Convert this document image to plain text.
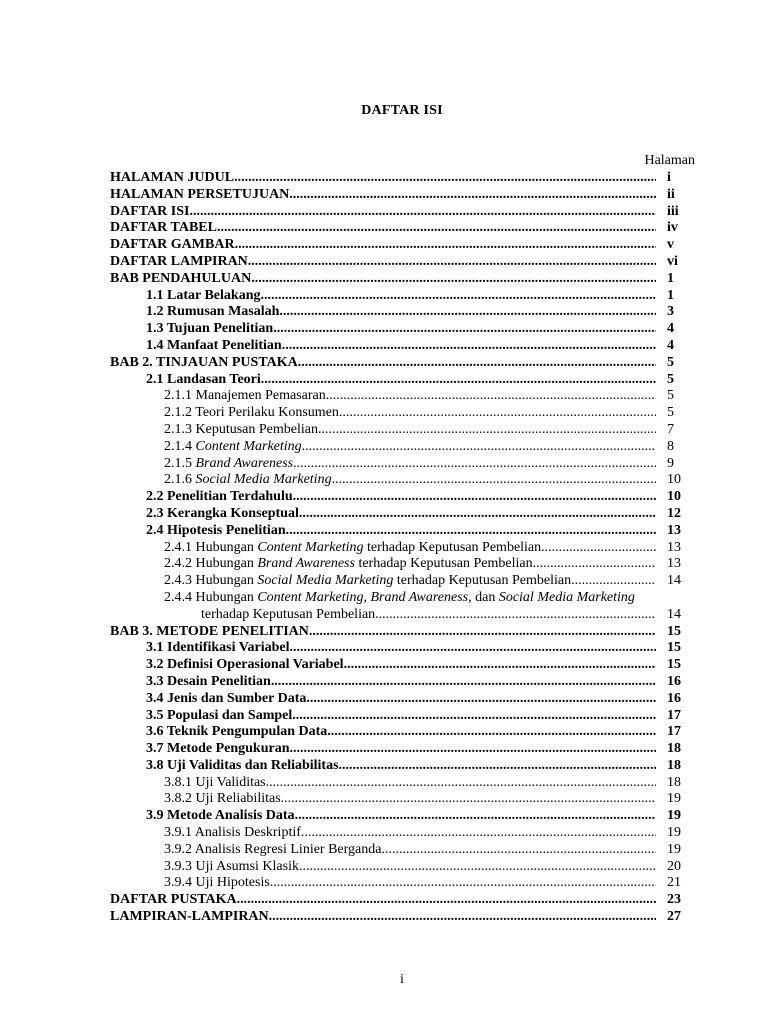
DAFTAR ISI
Halaman
HALAMAN JUDUL .....	i
HALAMAN PERSETUJUAN .....	ii
DAFTAR ISI .....	iii
DAFTAR TABEL .....	iv
DAFTAR GAMBAR .....	v
DAFTAR LAMPIRAN .....	vi
BAB PENDAHULUAN .....	1
1.1 Latar Belakang .....	1
1.2 Rumusan Masalah .....	3
1.3 Tujuan Penelitian .....	4
1.4 Manfaat Penelitian .....	4
BAB 2. TINJAUAN PUSTAKA .....	5
2.1 Landasan Teori .....	5
2.1.1 Manajemen Pemasaran .....	5
2.1.2 Teori Perilaku Konsumen .....	5
2.1.3 Keputusan Pembelian .....	7
2.1.4 Content Marketing .....	8
2.1.5 Brand Awareness .....	9
2.1.6 Social Media Marketing .....	10
2.2 Penelitian Terdahulu .....	10
2.3 Kerangka Konseptual .....	12
2.4 Hipotesis Penelitian .....	13
2.4.1 Hubungan Content Marketing terhadap Keputusan Pembelian .....	13
2.4.2 Hubungan Brand Awareness terhadap Keputusan Pembelian .....	13
2.4.3 Hubungan Social Media Marketing terhadap Keputusan Pembelian .....	14
2.4.4 Hubungan Content Marketing, Brand Awareness, dan Social Media Marketing
terhadap Keputusan Pembelian .....	14
BAB 3. METODE PENELITIAN .....	15
3.1 Identifikasi Variabel .....	15
3.2 Definisi Operasional Variabel .....	15
3.3 Desain Penelitian .....	16
3.4 Jenis dan Sumber Data .....	16
3.5 Populasi dan Sampel .....	17
3.6 Teknik Pengumpulan Data .....	17
3.7 Metode Pengukuran .....	18
3.8 Uji Validitas dan Reliabilitas .....	18
3.8.1 Uji Validitas .....	18
3.8.2 Uji Reliabilitas .....	19
3.9 Metode Analisis Data .....	19
3.9.1 Analisis Deskriptif .....	19
3.9.2 Analisis Regresi Linier Berganda .....	19
3.9.3 Uji Asumsi Klasik .....	20
3.9.4 Uji Hipotesis .....	21
DAFTAR PUSTAKA .....	23
LAMPIRAN-LAMPIRAN .....	27
i
